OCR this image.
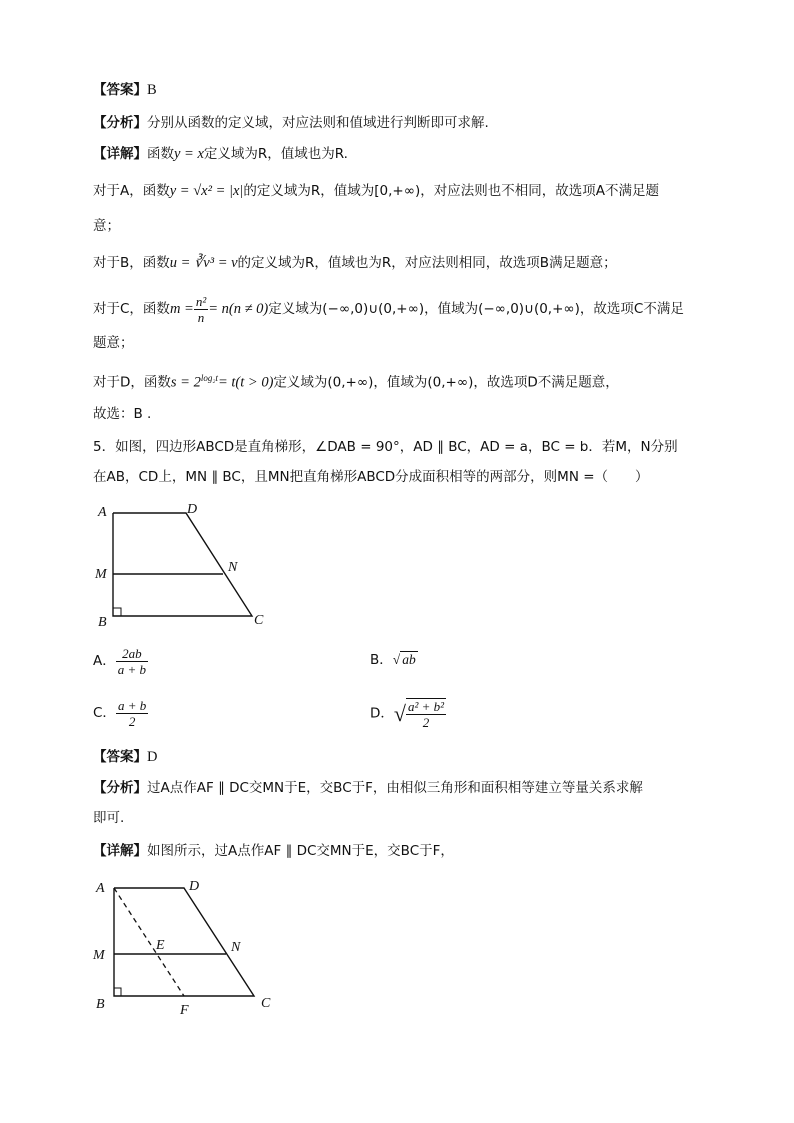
【答案】B
【分析】分别从函数的定义域，对应法则和值域进行判断即可求解.
【详解】函数y = x定义域为R，值域也为R.
对于A，函数y = √x² = |x|的定义域为R，值域为[0,+∞)，对应法则也不相同，故选项A不满足题
意；
对于B，函数u = ∛v³ = v的定义域为R，值域也为R，对应法则相同，故选项B满足题意；
对于C，函数$m = \frac{\text{n²}}{n} = n(n \ne 0)$定义域为(−∞,0)∪(0,+∞)，值域为(−∞,0)∪(0,+∞)，故选项C不满足
题意；
对于D，函数$s = 2^{log_2t}= t(t > 0)$定义域为(0,+∞)，值域为(0,+∞)，故选项D不满足题意，
故选：B .
5．如图，四边形ABCD是直角梯形，∠DAB = 90°，AD ∥ BC，AD = a，BC = b．若M，N分别
在AB，CD上，MN ∥ BC，且MN把直角梯形ABCD分成面积相等的两部分，则MN =（　　）
A	D
M	N
B	C
A． $\frac{2ab}{a + b}$	B．√ ab
C． $\frac{a + b}{2}$	D．√ $\frac{\text{a² + b²}}{2}$
【答案】D
【分析】过A点作AF ∥ DC交MN于E，交BC于F，由相似三角形和面积相等建立等量关系求解
即可.
【详解】如图所示，过A点作AF ∥ DC交MN于E，交BC于F，
A	D
M
E	N
B	F	C
